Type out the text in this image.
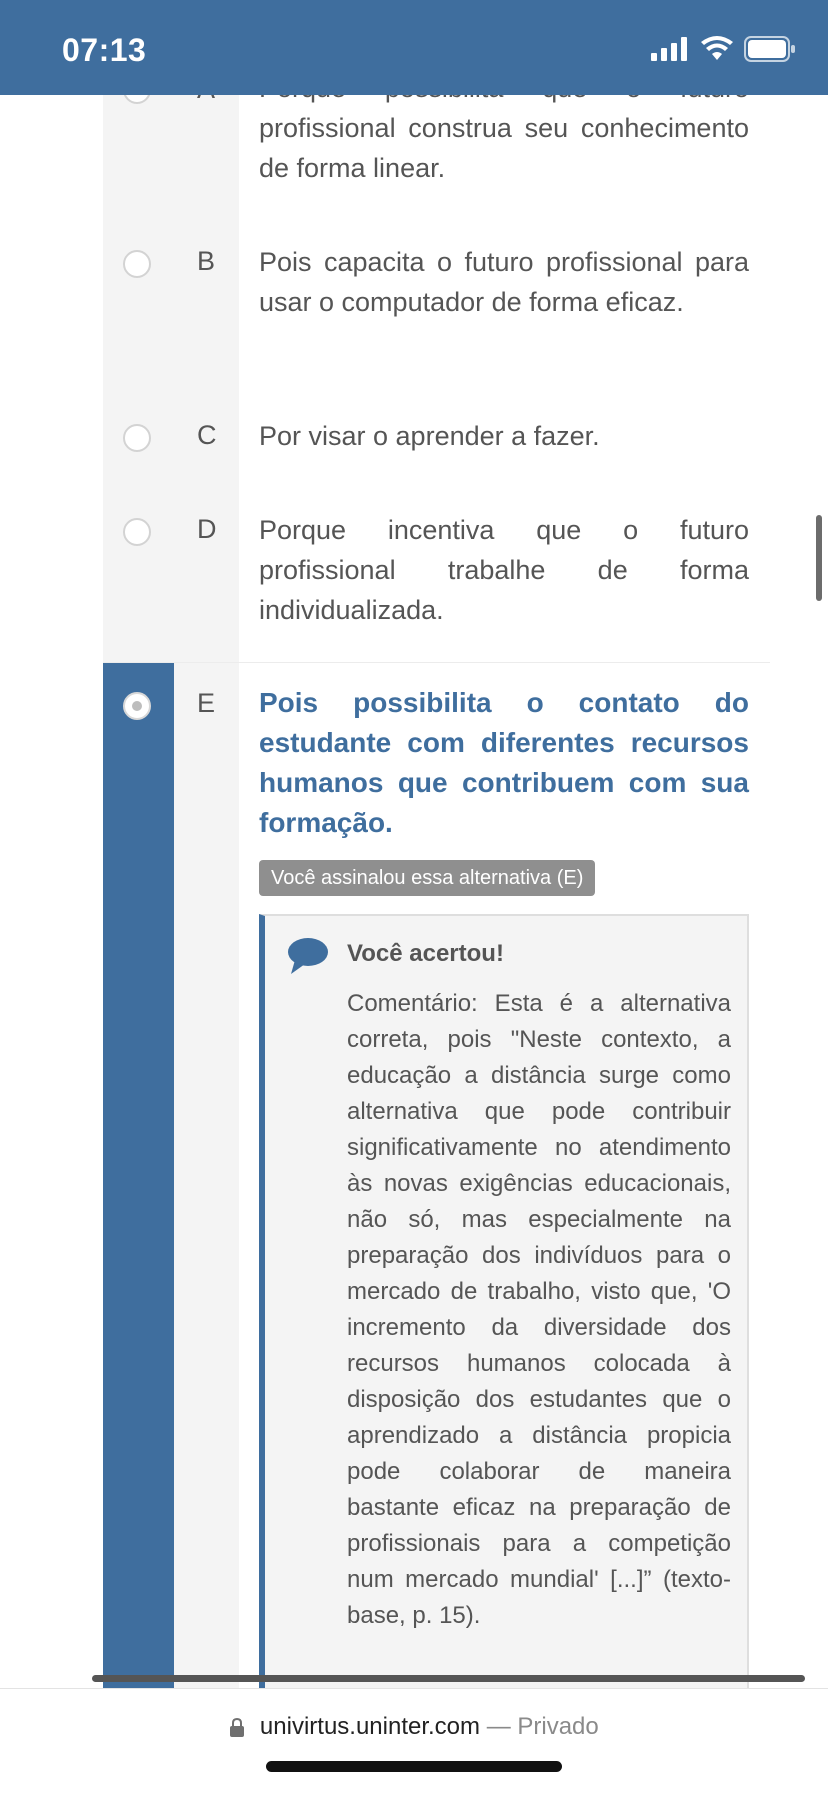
profissional construa seu conhecimento de forma linear.
B Pois capacita o futuro profissional para usar o computador de forma eficaz.
C Por visar o aprender a fazer.
D Porque incentiva que o futuro profissional trabalhe de forma individualizada.
E Pois possibilita o contato do estudante com diferentes recursos humanos que contribuem com sua formação.
Você assinalou essa alternativa (E)
Você acertou!
Comentário: Esta é a alternativa correta, pois "Neste contexto, a educação a distância surge como alternativa que pode contribuir significativamente no atendimento às novas exigências educacionais, não só, mas especialmente na preparação dos indivíduos para o mercado de trabalho, visto que, 'O incremento da diversidade dos recursos humanos colocada à disposição dos estudantes que o aprendizado a distância propicia pode colaborar de maneira bastante eficaz na preparação de profissionais para a competição num mercado mundial' [...]” (texto-base, p. 15).
07:13

univirtus.uninter.com — Privado
